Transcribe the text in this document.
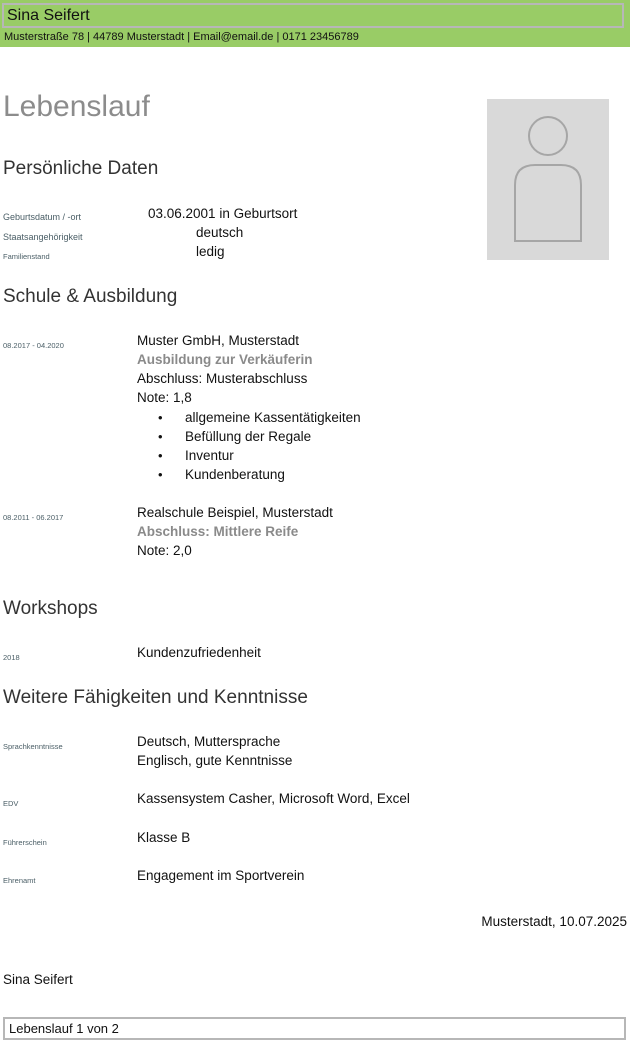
Sina Seifert
Musterstraße 78 | 44789 Musterstadt | Email@email.de | 0171 23456789
Lebenslauf
Persönliche Daten
Geburtsdatum / -ort	03.06.2001 in Geburtsort
Staatsangehörigkeit	deutsch
Familienstand	ledig
Schule & Ausbildung
08.2017 - 04.2020	Muster GmbH, Musterstadt
Ausbildung zur Verkäuferin
Abschluss: Musterabschluss
Note: 1,8
• allgemeine Kassentätigkeiten
• Befüllung der Regale
• Inventur
• Kundenberatung
08.2011 - 06.2017	Realschule Beispiel, Musterstadt
Abschluss: Mittlere Reife
Note: 2,0
Workshops
2018	Kundenzufriedenheit
Weitere Fähigkeiten und Kenntnisse
Sprachkenntnisse	Deutsch, Muttersprache
Englisch, gute Kenntnisse
EDV	Kassensystem Casher, Microsoft Word, Excel
Führerschein	Klasse B
Ehrenamt	Engagement im Sportverein
Musterstadt, 10.07.2025
Sina Seifert
Lebenslauf 1 von 2
